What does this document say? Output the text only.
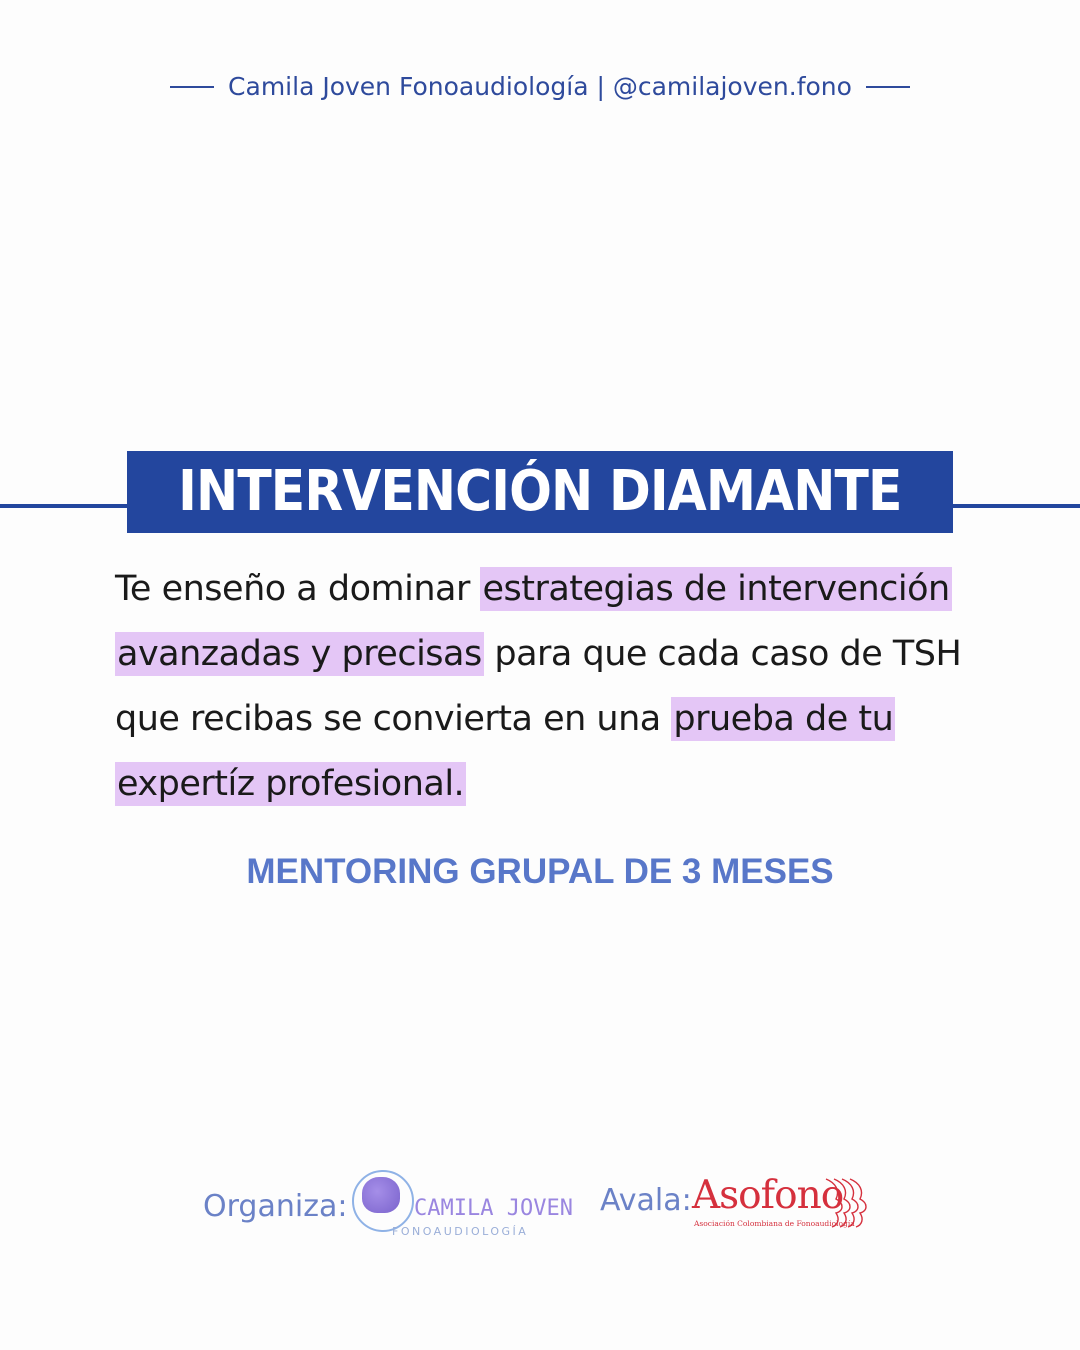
Camila Joven Fonoaudiología | @camilajoven.fono
INTERVENCIÓN DIAMANTE
Te enseño a dominar estrategias de intervención
avanzadas y precisas para que cada caso de TSH
que recibas se convierta en una prueba de tu
expertíz profesional.
MENTORING GRUPAL DE 3 MESES
Organiza:	CAMILA JOVEN
FONOAUDIOLOGÍA
Avala: Asofono
Asociación Colombiana de Fonoaudiología
